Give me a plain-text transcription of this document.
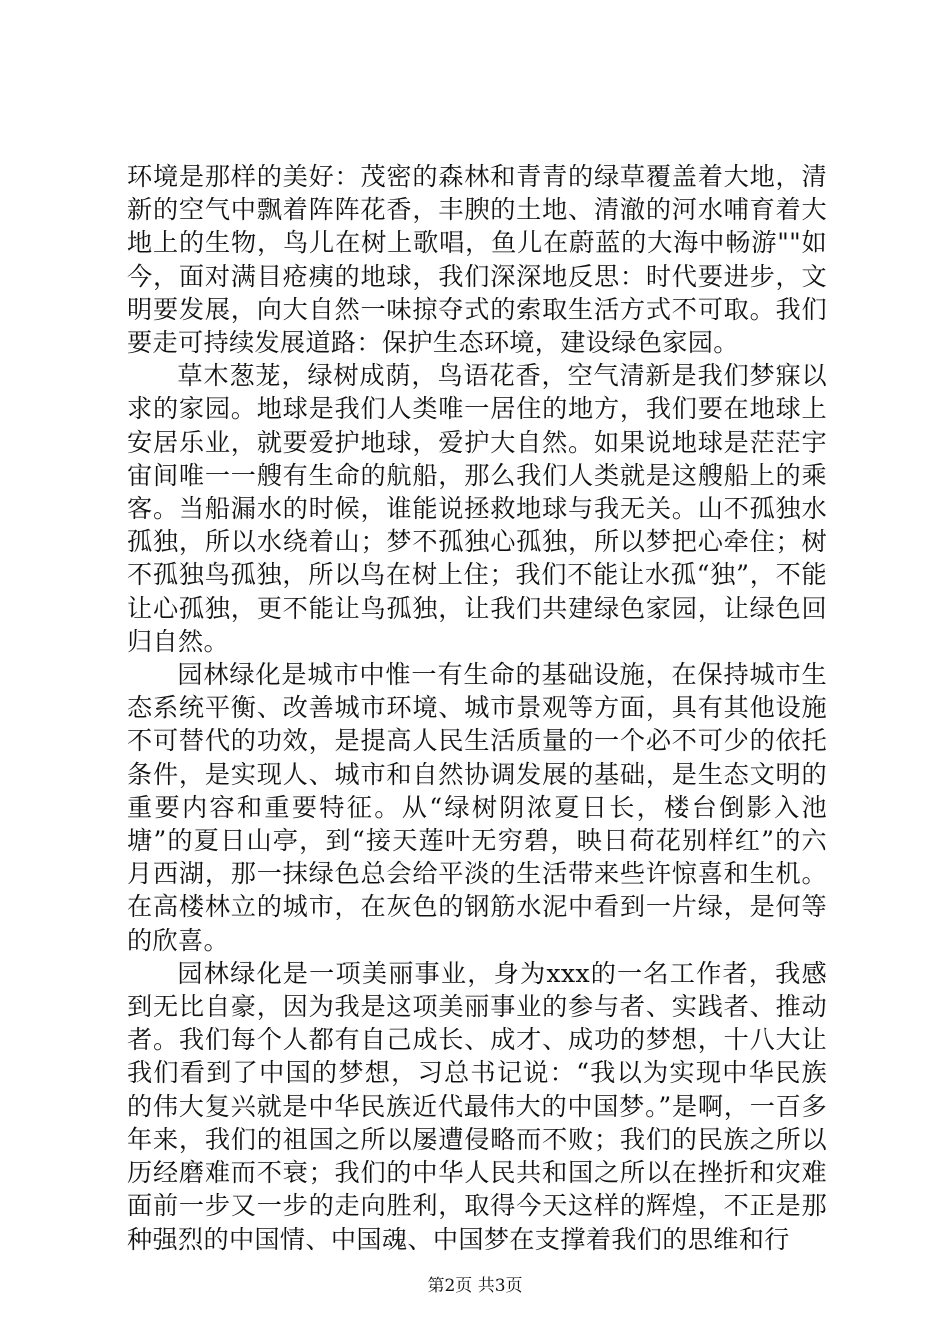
环境是那样的美好：茂密的森林和青青的绿草覆盖着大地，清新的空气中飘着阵阵花香，丰腴的土地、清澈的河水哺育着大地上的生物，鸟儿在树上歌唱，鱼儿在蔚蓝的大海中畅游""如今，面对满目疮痍的地球，我们深深地反思：时代要进步，文明要发展，向大自然一味掠夺式的索取生活方式不可取。我们要走可持续发展道路：保护生态环境，建设绿色家园。

草木葱茏，绿树成荫，鸟语花香，空气清新是我们梦寐以求的家园。地球是我们人类唯一居住的地方，我们要在地球上安居乐业，就要爱护地球，爱护大自然。如果说地球是茫茫宇宙间唯一一艘有生命的航船，那么我们人类就是这艘船上的乘客。当船漏水的时候，谁能说拯救地球与我无关。山不孤独水孤独，所以水绕着山；梦不孤独心孤独，所以梦把心牵住；树不孤独鸟孤独，所以鸟在树上住；我们不能让水孤“独”，不能让心孤独，更不能让鸟孤独，让我们共建绿色家园，让绿色回归自然。

园林绿化是城市中惟一有生命的基础设施，在保持城市生态系统平衡、改善城市环境、城市景观等方面，具有其他设施不可替代的功效，是提高人民生活质量的一个必不可少的依托条件，是实现人、城市和自然协调发展的基础，是生态文明的重要内容和重要特征。从“绿树阴浓夏日长，楼台倒影入池塘”的夏日山亭，到“接天莲叶无穷碧，映日荷花别样红”的六月西湖，那一抹绿色总会给平淡的生活带来些许惊喜和生机。在高楼林立的城市，在灰色的钢筋水泥中看到一片绿，是何等的欣喜。

园林绿化是一项美丽事业，身为xxx的一名工作者，我感到无比自豪，因为我是这项美丽事业的参与者、实践者、推动者。我们每个人都有自己成长、成才、成功的梦想，十八大让我们看到了中国的梦想，习总书记说：“我以为实现中华民族的伟大复兴就是中华民族近代最伟大的中国梦。”是啊，一百多年来，我们的祖国之所以屡遭侵略而不败；我们的民族之所以历经磨难而不衰；我们的中华人民共和国之所以在挫折和灾难面前一步又一步的走向胜利，取得今天这样的辉煌，不正是那种强烈的中国情、中国魂、中国梦在支撑着我们的思维和行

第2页 共3页
